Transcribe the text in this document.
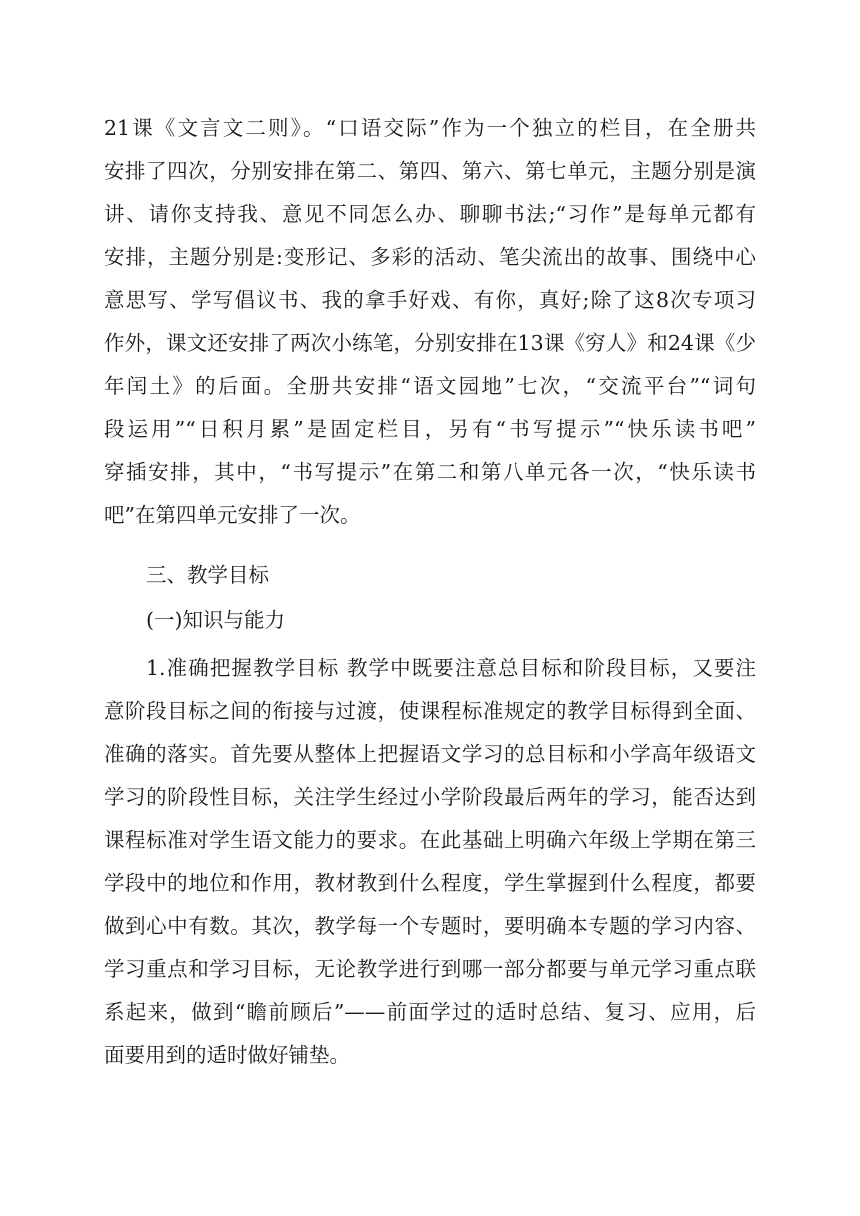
21课《文言文二则》。“口语交际”作为一个独立的栏目，在全册共
安排了四次，分别安排在第二、第四、第六、第七单元，主题分别是演
讲、请你支持我、意见不同怎么办、聊聊书法;“习作”是每单元都有
安排，主题分别是:变形记、多彩的活动、笔尖流出的故事、围绕中心
意思写、学写倡议书、我的拿手好戏、有你，真好;除了这8次专项习
作外，课文还安排了两次小练笔，分别安排在13课《穷人》和24课《少
年闰土》的后面。全册共安排“语文园地”七次，“交流平台”“词句
段运用”“日积月累”是固定栏目，另有“书写提示”“快乐读书吧”
穿插安排，其中，“书写提示”在第二和第八单元各一次，“快乐读书
吧”在第四单元安排了一次。
三、教学目标
(一)知识与能力
1.准确把握教学目标 教学中既要注意总目标和阶段目标，又要注
意阶段目标之间的衔接与过渡，使课程标准规定的教学目标得到全面、
准确的落实。首先要从整体上把握语文学习的总目标和小学高年级语文
学习的阶段性目标，关注学生经过小学阶段最后两年的学习，能否达到
课程标准对学生语文能力的要求。在此基础上明确六年级上学期在第三
学段中的地位和作用，教材教到什么程度，学生掌握到什么程度，都要
做到心中有数。其次，教学每一个专题时，要明确本专题的学习内容、
学习重点和学习目标，无论教学进行到哪一部分都要与单元学习重点联
系起来，做到“瞻前顾后”——前面学过的适时总结、复习、应用，后
面要用到的适时做好铺垫。
